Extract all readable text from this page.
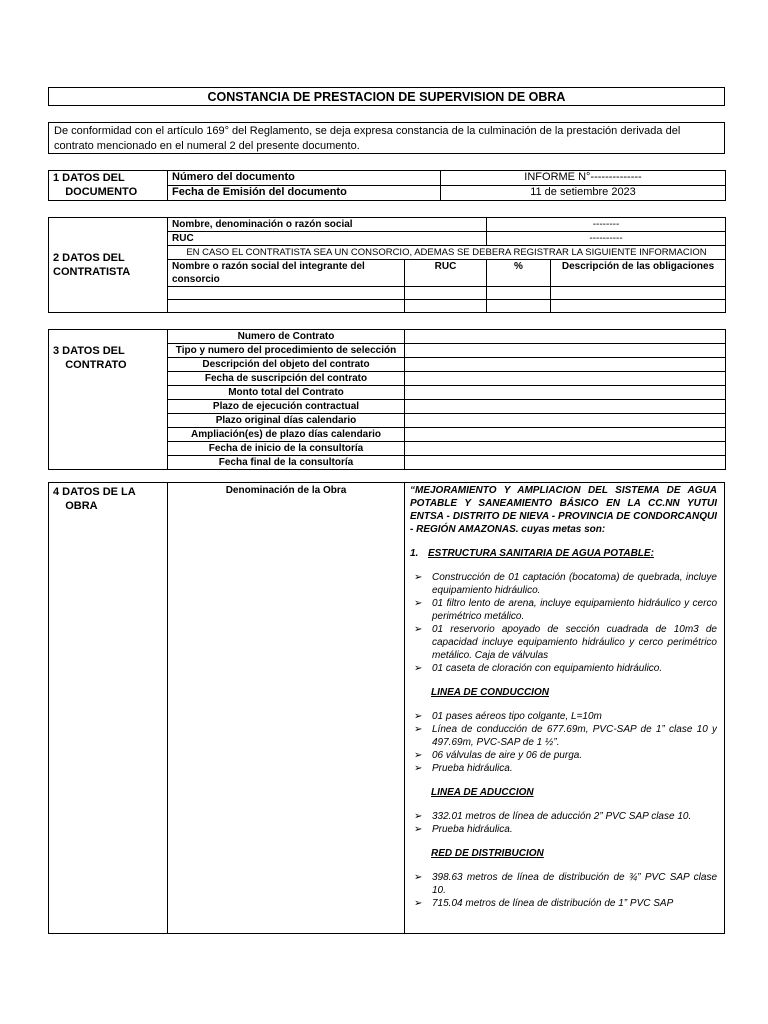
CONSTANCIA DE PRESTACION DE SUPERVISION DE OBRA
De conformidad con el artículo 169° del Reglamento, se deja expresa constancia de la culminación de la prestación derivada del contrato mencionado en el numeral 2 del presente documento.
1 DATOS DEL
DOCUMENTO	Número del documento	INFORME N°--------------
	Fecha de Emisión del documento	11 de setiembre 2023
2 DATOS DEL
CONTRATISTA	Nombre, denominación o razón social		--------	
	RUC		----------	
	EN CASO EL CONTRATISTA SEA UN CONSORCIO, ADEMAS SE DEBERA REGISTRAR LA SIGUIENTE INFORMACION			
	Nombre o razón social del integrante del consorcio	RUC	%	Descripción de las obligaciones

3 DATOS DEL
CONTRATO	Numero de Contrato	
	Tipo y numero del procedimiento de selección	
	Descripción del objeto del contrato	
	Fecha de suscripción del contrato	
	Monto total del Contrato	
	Plazo de ejecución contractual	
	Plazo original días calendario	
	Ampliación(es) de plazo días calendario	
	Fecha de inicio de la consultoría	
	Fecha final de la consultoría	
4 DATOS DE LA
OBRA
Denominación de la Obra	“MEJORAMIENTO Y AMPLIACION DEL SISTEMA DE AGUA POTABLE Y SANEAMIENTO BÁSICO EN LA CC.NN YUTUI ENTSA - DISTRITO DE NIEVA - PROVINCIA DE CONDORCANQUI - REGIÓN AMAZONAS. cuyas metas son:
1. ESTRUCTURA SANITARIA DE AGUA POTABLE:
➢ Construcción de 01 captación (bocatoma) de quebrada, incluye equipamiento hidráulico.
➢ 01 filtro lento de arena, incluye equipamiento hidráulico y cerco perimétrico metálico.
➢ 01 reservorio apoyado de sección cuadrada de 10m3 de capacidad incluye equipamiento hidráulico y cerco perimétrico metálico. Caja de válvulas
➢ 01 caseta de cloración con equipamiento hidráulico.
LINEA DE CONDUCCION
➢ 01 pases aéreos tipo colgante, L=10m
➢ Línea de conducción de 677.69m, PVC-SAP de 1” clase 10 y 497.69m, PVC-SAP de 1 ½”.
➢ 06 válvulas de aire y 06 de purga.
➢ Prueba hidráulica.
LINEA DE ADUCCION
➢ 332.01 metros de línea de aducción 2” PVC SAP clase 10.
➢ Prueba hidráulica.
RED DE DISTRIBUCION
➢ 398.63 metros de línea de distribución de ¾” PVC SAP clase 10.
➢ 715.04 metros de línea de distribución de 1” PVC SAP
